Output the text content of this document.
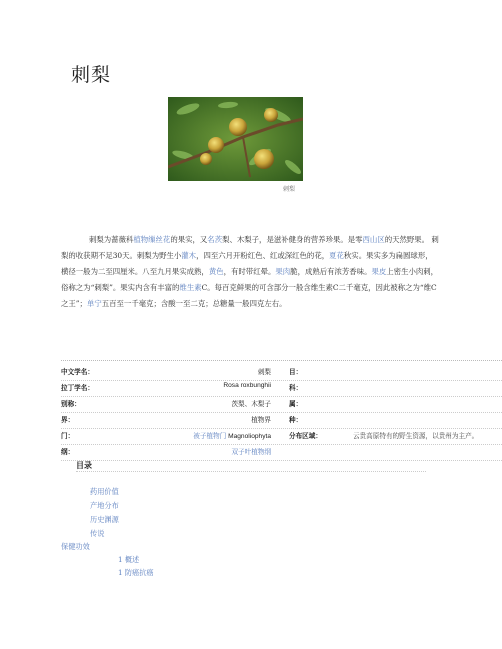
刺梨
刺梨
刺梨为蔷薇科植物缫丝花的果实，又名茨梨、木梨子，是滋补健身的营养珍果。是零西山区的天然野果。 刺梨的收获期不足30天。刺梨为野生小灌木，四至六月开粉红色、红或深红色的花，夏花秋实。果实多为扁圆球形，横径一般为二至四厘米。八至九月果实成熟，黄色，有时带红晕。果肉脆，成熟后有浓芳香味。果皮上密生小肉刺，俗称之为“刺梨”。果实内含有丰富的维生素C。每百克鲜果的可含部分一般含维生素C二千毫克，因此被称之为“维C之王”；单宁五百至一千毫克；含酸一至二克；总糖量一般四克左右。
中文学名：	刺梨	目：
拉丁学名：	Rosa roxbunghii	科：
别称：	茨梨、木梨子	属：
界：	植物界	种：
门：	被子植物门 Magnoliophyta	分布区域：	云贵高原特有的野生资源，以贵州为主产。
纲：	双子叶植物纲
目录
药用价值
产地分布
历史渊源
传说
保健功效
1 概述
1 防癌抗癌
